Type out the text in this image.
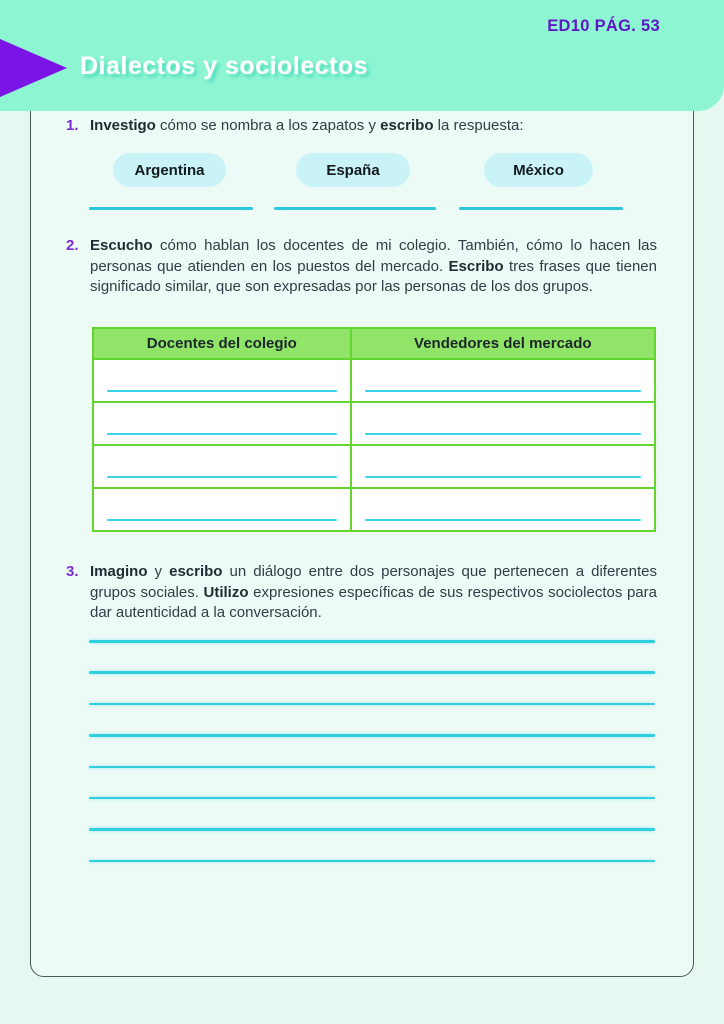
ED10 PÁG. 53
Dialectos y sociolectos
1. Investigo cómo se nombra a los zapatos y escribo la respuesta:

Argentina	España	México
2. Escucho cómo hablan los docentes de mi colegio. También, cómo lo hacen las personas que atienden en los puestos del mercado. Escribo tres frases que tienen significado similar, que son expresadas por las personas de los dos grupos.

Docentes del colegio	Vendedores del mercado

3. Imagino y escribo un diálogo entre dos personajes que pertenecen a diferentes grupos sociales. Utilizo expresiones específicas de sus respectivos sociolectos para dar autenticidad a la conversación.
